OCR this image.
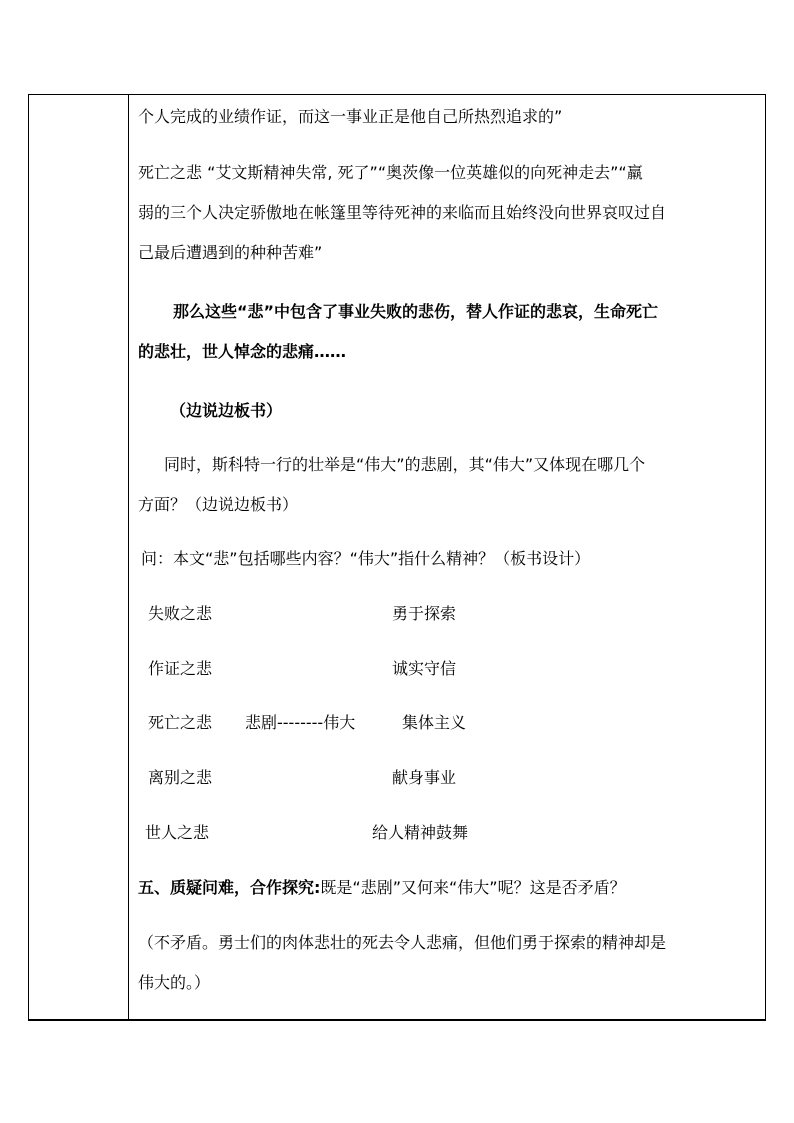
个人完成的业绩作证，而这一事业正是他自己所热烈追求的”
死亡之悲 “艾文斯精神失常, 死了”“奥茨像一位英雄似的向死神走去”“羸
弱的三个人决定骄傲地在帐篷里等待死神的来临而且始终没向世界哀叹过自
己最后遭遇到的种种苦难”
那么这些“悲”中包含了事业失败的悲伤，替人作证的悲哀，生命死亡
的悲壮，世人悼念的悲痛……
（边说边板书）
同时，斯科特一行的壮举是“伟大”的悲剧，其“伟大”又体现在哪几个
方面？（边说边板书）
问：本文“悲”包括哪些内容？“伟大”指什么精神？（板书设计）
失败之悲	勇于探索
作证之悲	诚实守信
死亡之悲 悲剧--------伟大	集体主义
离别之悲	献身事业
世人之悲	给人精神鼓舞
五、质疑问难，合作探究:既是“悲剧”又何来“伟大”呢？这是否矛盾？
（不矛盾。勇士们的肉体悲壮的死去令人悲痛，但他们勇于探索的精神却是
伟大的。）
